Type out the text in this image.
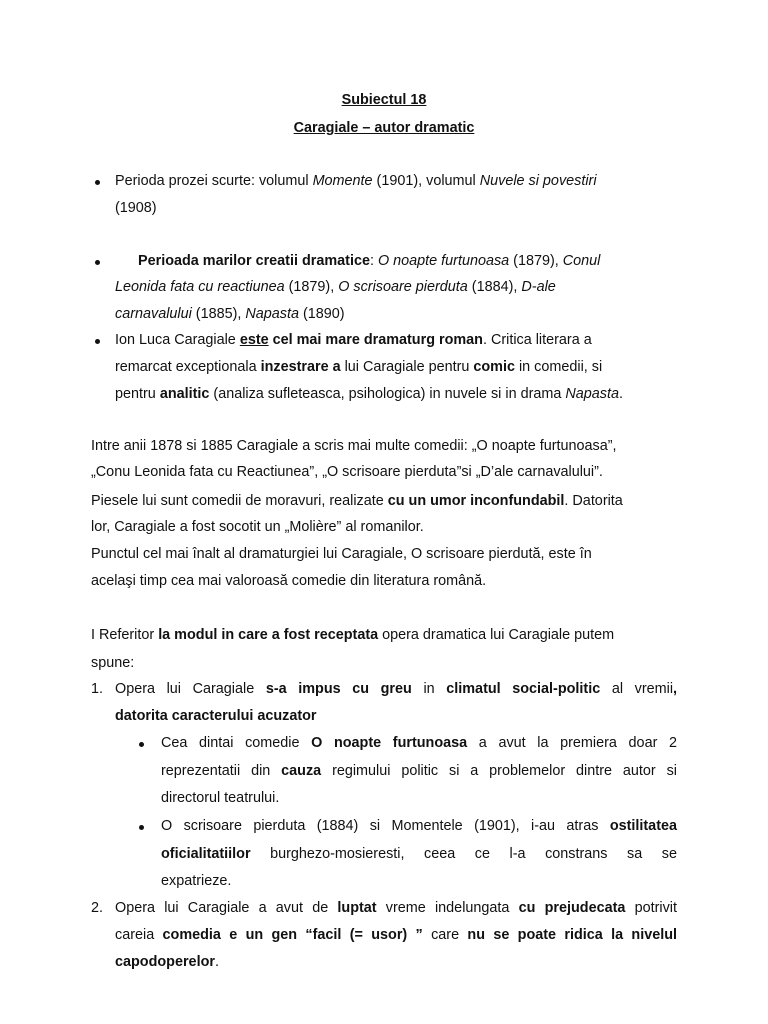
Subiectul 18
Caragiale – autor dramatic
Perioda prozei scurte: volumul Momente (1901), volumul Nuvele si povestiri
(1908)
Perioada marilor creatii dramatice: O noapte furtunoasa (1879), Conul
Leonida fata cu reactiunea (1879), O scrisoare pierduta (1884), D-ale
carnavalului (1885), Napasta (1890)
Ion Luca Caragiale este cel mai mare dramaturg roman. Critica literara a
remarcat exceptionala inzestrare a lui Caragiale pentru comic in comedii, si
pentru analitic (analiza sufleteasca, psihologica) in nuvele si in drama Napasta.
Intre anii 1878 si 1885 Caragiale a scris mai multe comedii: „O noapte furtunoasa”,
„Conu Leonida fata cu Reactiunea”, „O scrisoare pierduta”si „D’ale carnavalului”.
Piesele lui sunt comedii de moravuri, realizate cu un umor inconfundabil. Datorita
lor, Caragiale a fost socotit un „Molière” al romanilor.
Punctul cel mai înalt al dramaturgiei lui Caragiale, O scrisoare pierdută, este în
acelaşi timp cea mai valoroasă comedie din literatura română.
I Referitor la modul in care a fost receptata opera dramatica lui Caragiale putem
spune:
1. Opera lui Caragiale s-a impus cu greu in climatul social-politic al vremii,
datorita caracterului acuzator
Cea dintai comedie O noapte furtunoasa a avut la premiera doar 2
reprezentatii din cauza regimului politic si a problemelor dintre autor si
directorul teatrului.
O scrisoare pierduta (1884) si Momentele (1901), i-au atras ostilitatea
oficialitatiilor burghezo-mosieresti, ceea ce l-a constrans sa se
expatrieze.
2. Opera lui Caragiale a avut de luptat vreme indelungata cu prejudecata potrivit
careia comedia e un gen “facil (= usor) ” care nu se poate ridica la nivelul
capodoperelor.
